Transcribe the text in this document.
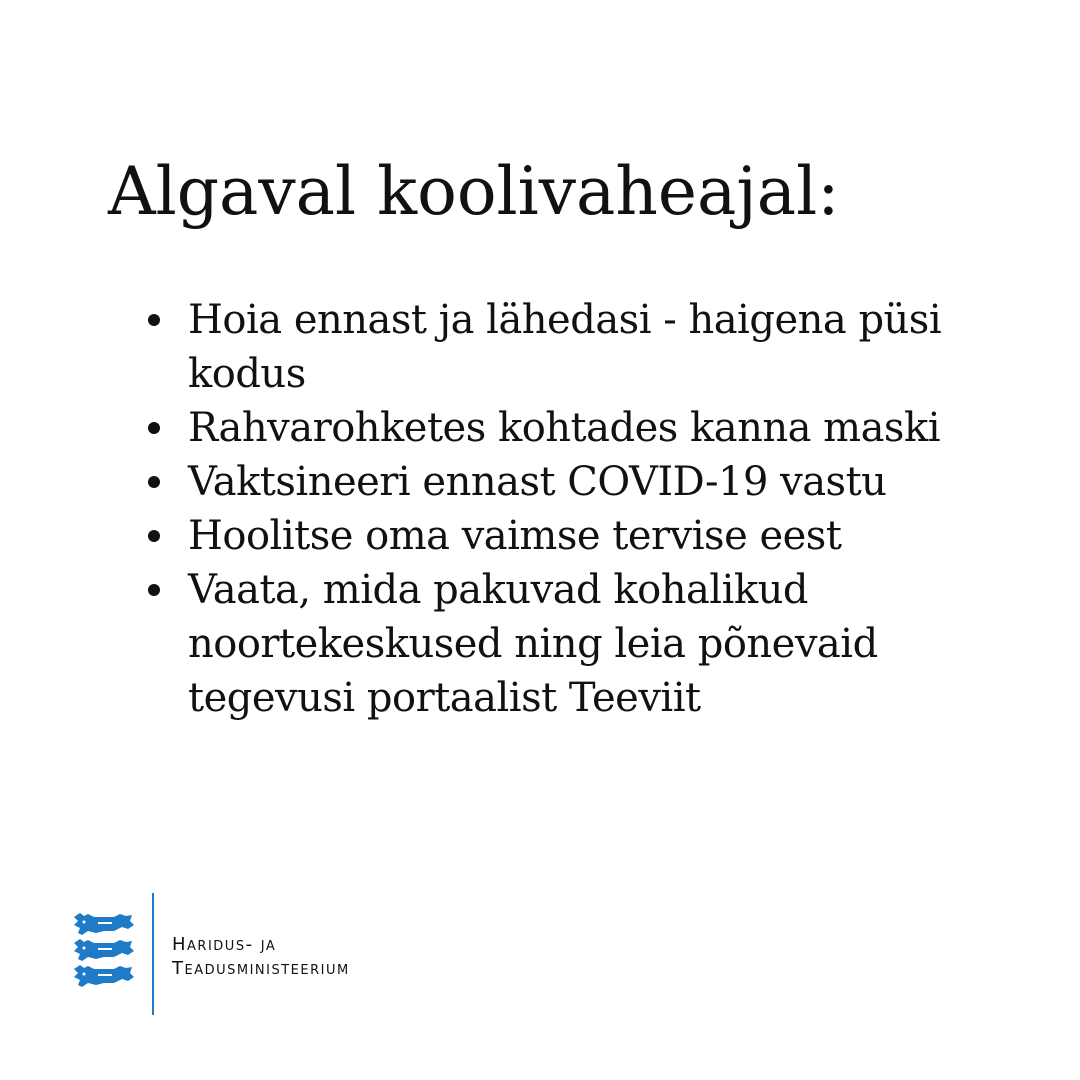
Algaval koolivaheajal:
Hoia ennast ja lähedasi - haigena püsi kodus
Rahvarohketes kohtades kanna maski
Vaktsineeri ennast COVID-19 vastu
Hoolitse oma vaimse tervise eest
Vaata, mida pakuvad kohalikud noortekeskused ning leia põnevaid tegevusi portaalist Teeviit
Haridus- ja
Teadusministeerium
